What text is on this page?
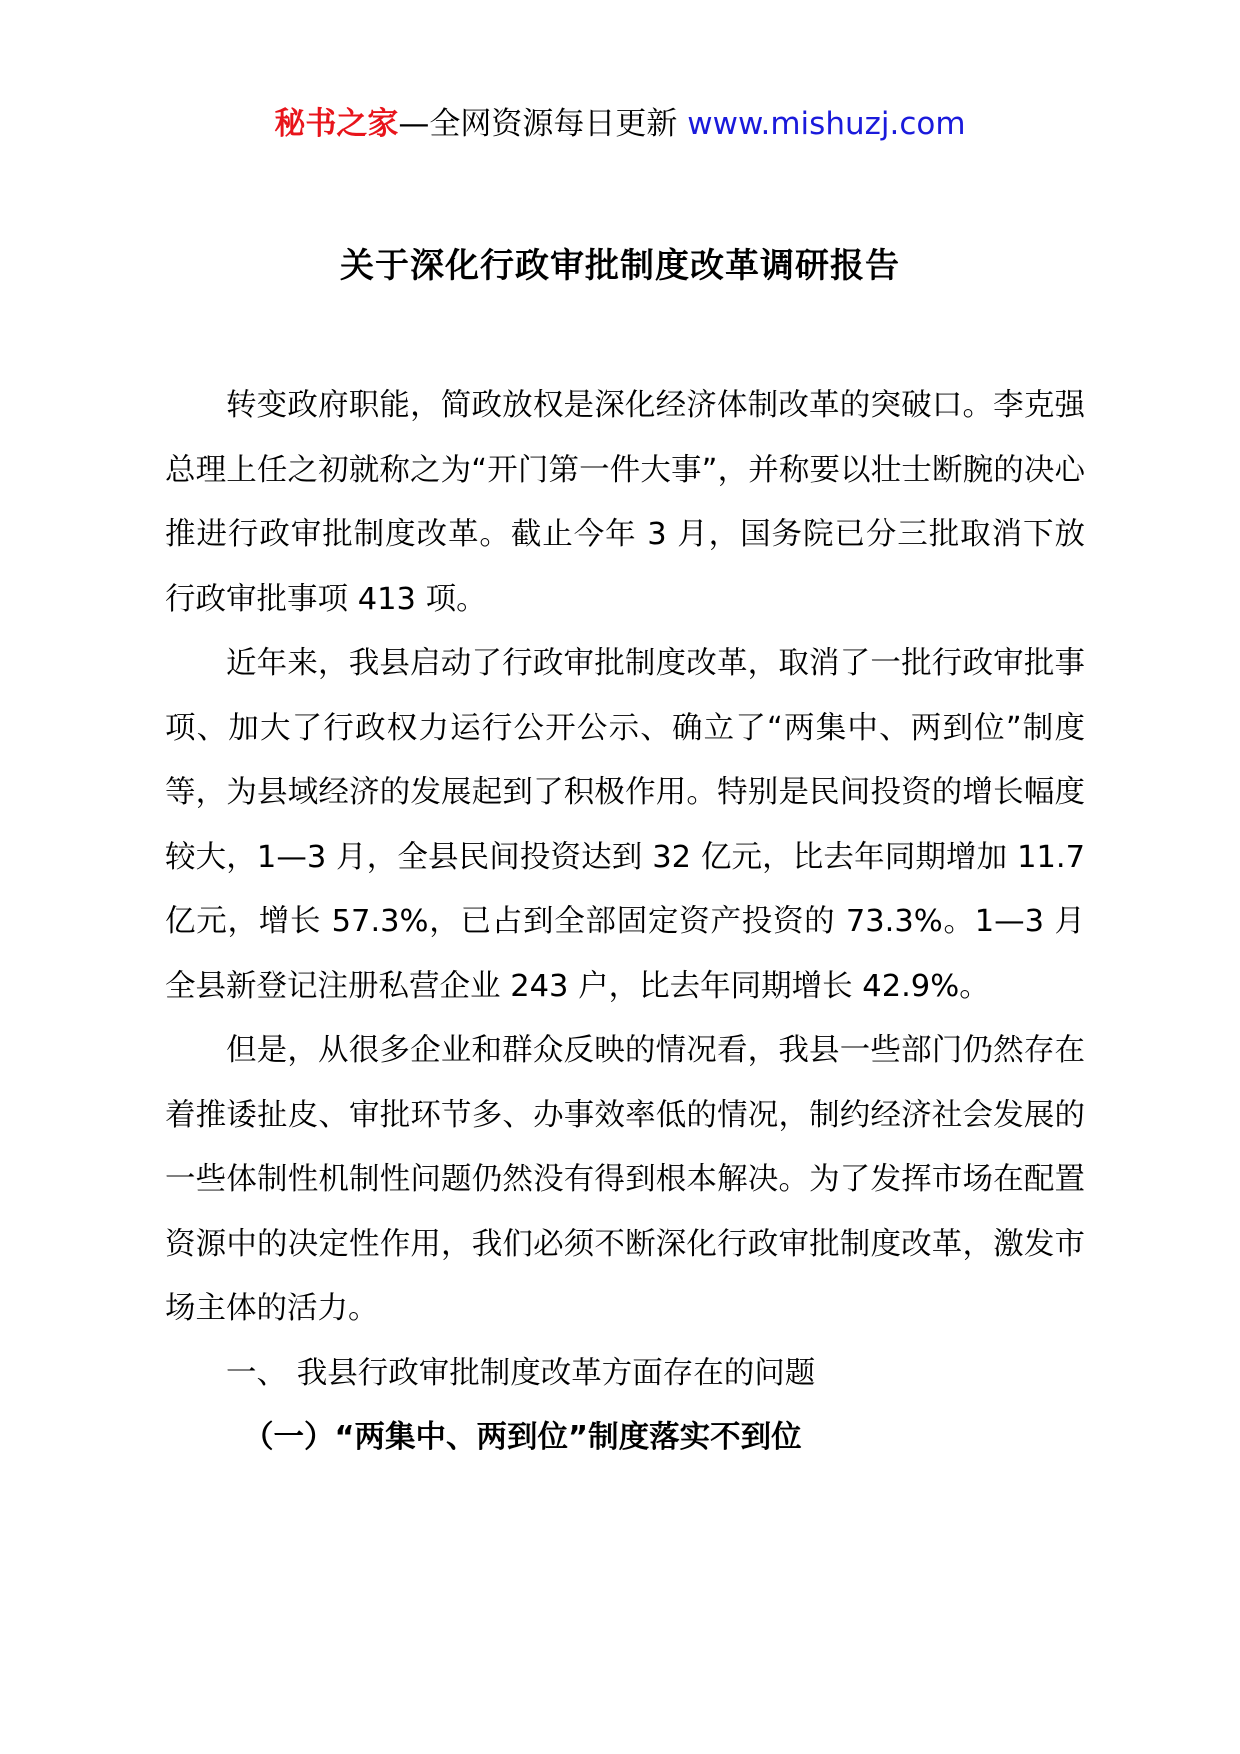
秘书之家—全网资源每日更新 www.mishuzj.com
关于深化行政审批制度改革调研报告

转变政府职能，简政放权是深化经济体制改革的突破口。李克强总理上任之初就称之为“开门第一件大事”，并称要以壮士断腕的决心推进行政审批制度改革。截止今年 3 月，国务院已分三批取消下放行政审批事项 413 项。

近年来，我县启动了行政审批制度改革，取消了一批行政审批事项、加大了行政权力运行公开公示、确立了“两集中、两到位”制度等，为县域经济的发展起到了积极作用。特别是民间投资的增长幅度较大，1—3 月，全县民间投资达到 32 亿元，比去年同期增加 11.7 亿元，增长 57.3%，已占到全部固定资产投资的 73.3%。1—3 月全县新登记注册私营企业 243 户，比去年同期增长 42.9%。

但是，从很多企业和群众反映的情况看，我县一些部门仍然存在着推诿扯皮、审批环节多、办事效率低的情况，制约经济社会发展的一些体制性机制性问题仍然没有得到根本解决。为了发挥市场在配置资源中的决定性作用，我们必须不断深化行政审批制度改革，激发市场主体的活力。

一、 我县行政审批制度改革方面存在的问题

（一）“两集中、两到位”制度落实不到位
